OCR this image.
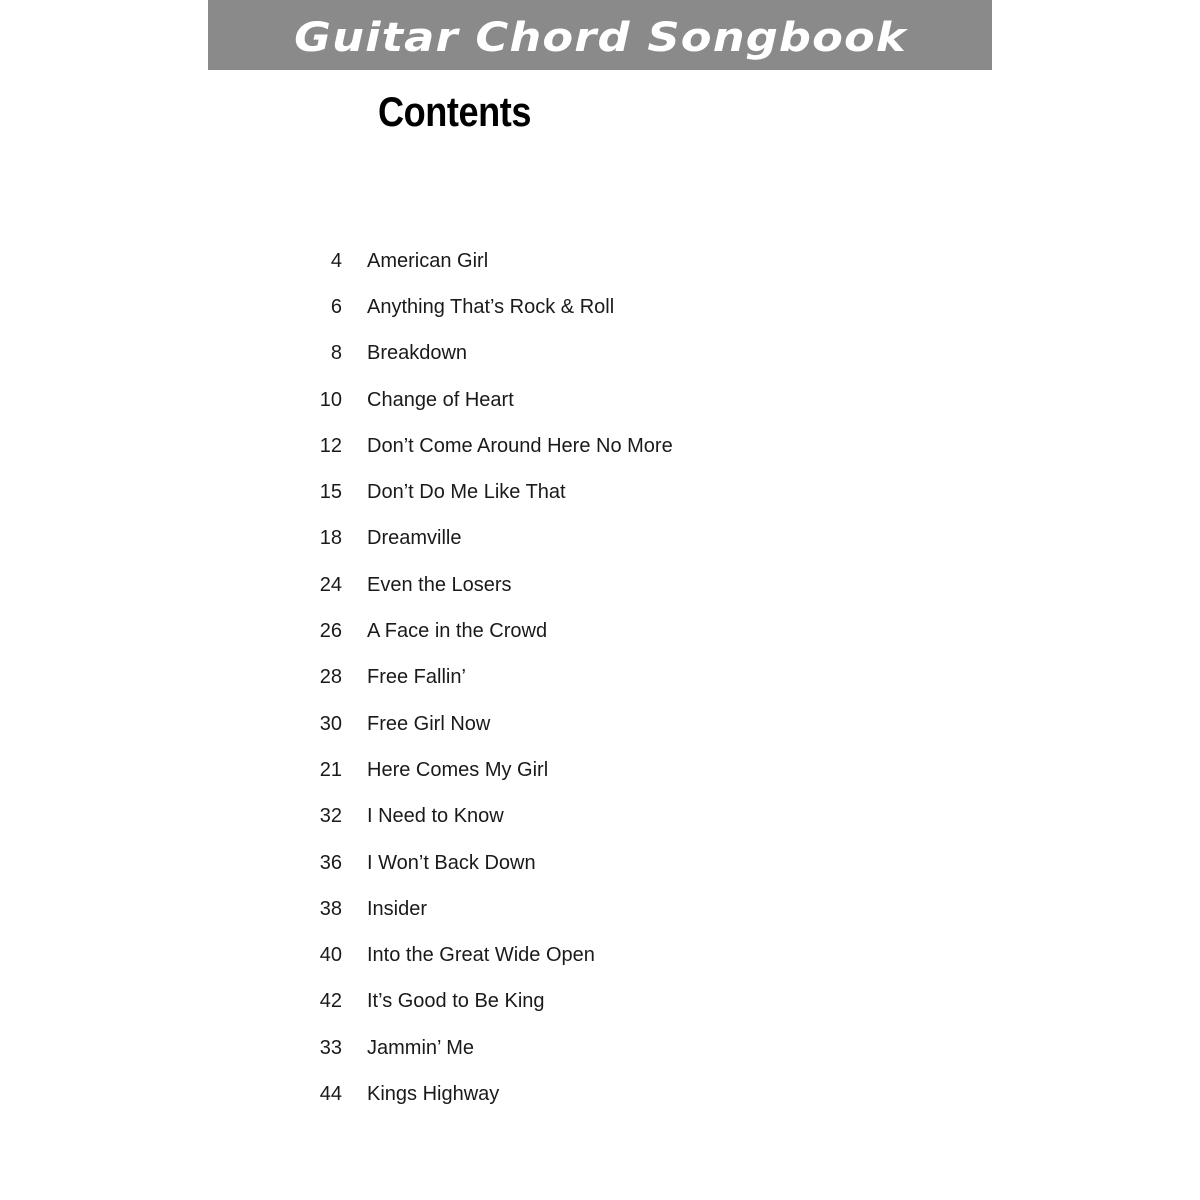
Guitar Chord Songbook
Contents
4 American Girl
6 Anything That’s Rock & Roll
8 Breakdown
10 Change of Heart
12 Don’t Come Around Here No More
15 Don’t Do Me Like That
18 Dreamville
24 Even the Losers
26 A Face in the Crowd
28 Free Fallin’
30 Free Girl Now
21 Here Comes My Girl
32 I Need to Know
36 I Won’t Back Down
38 Insider
40 Into the Great Wide Open
42 It’s Good to Be King
33 Jammin’ Me
44 Kings Highway
